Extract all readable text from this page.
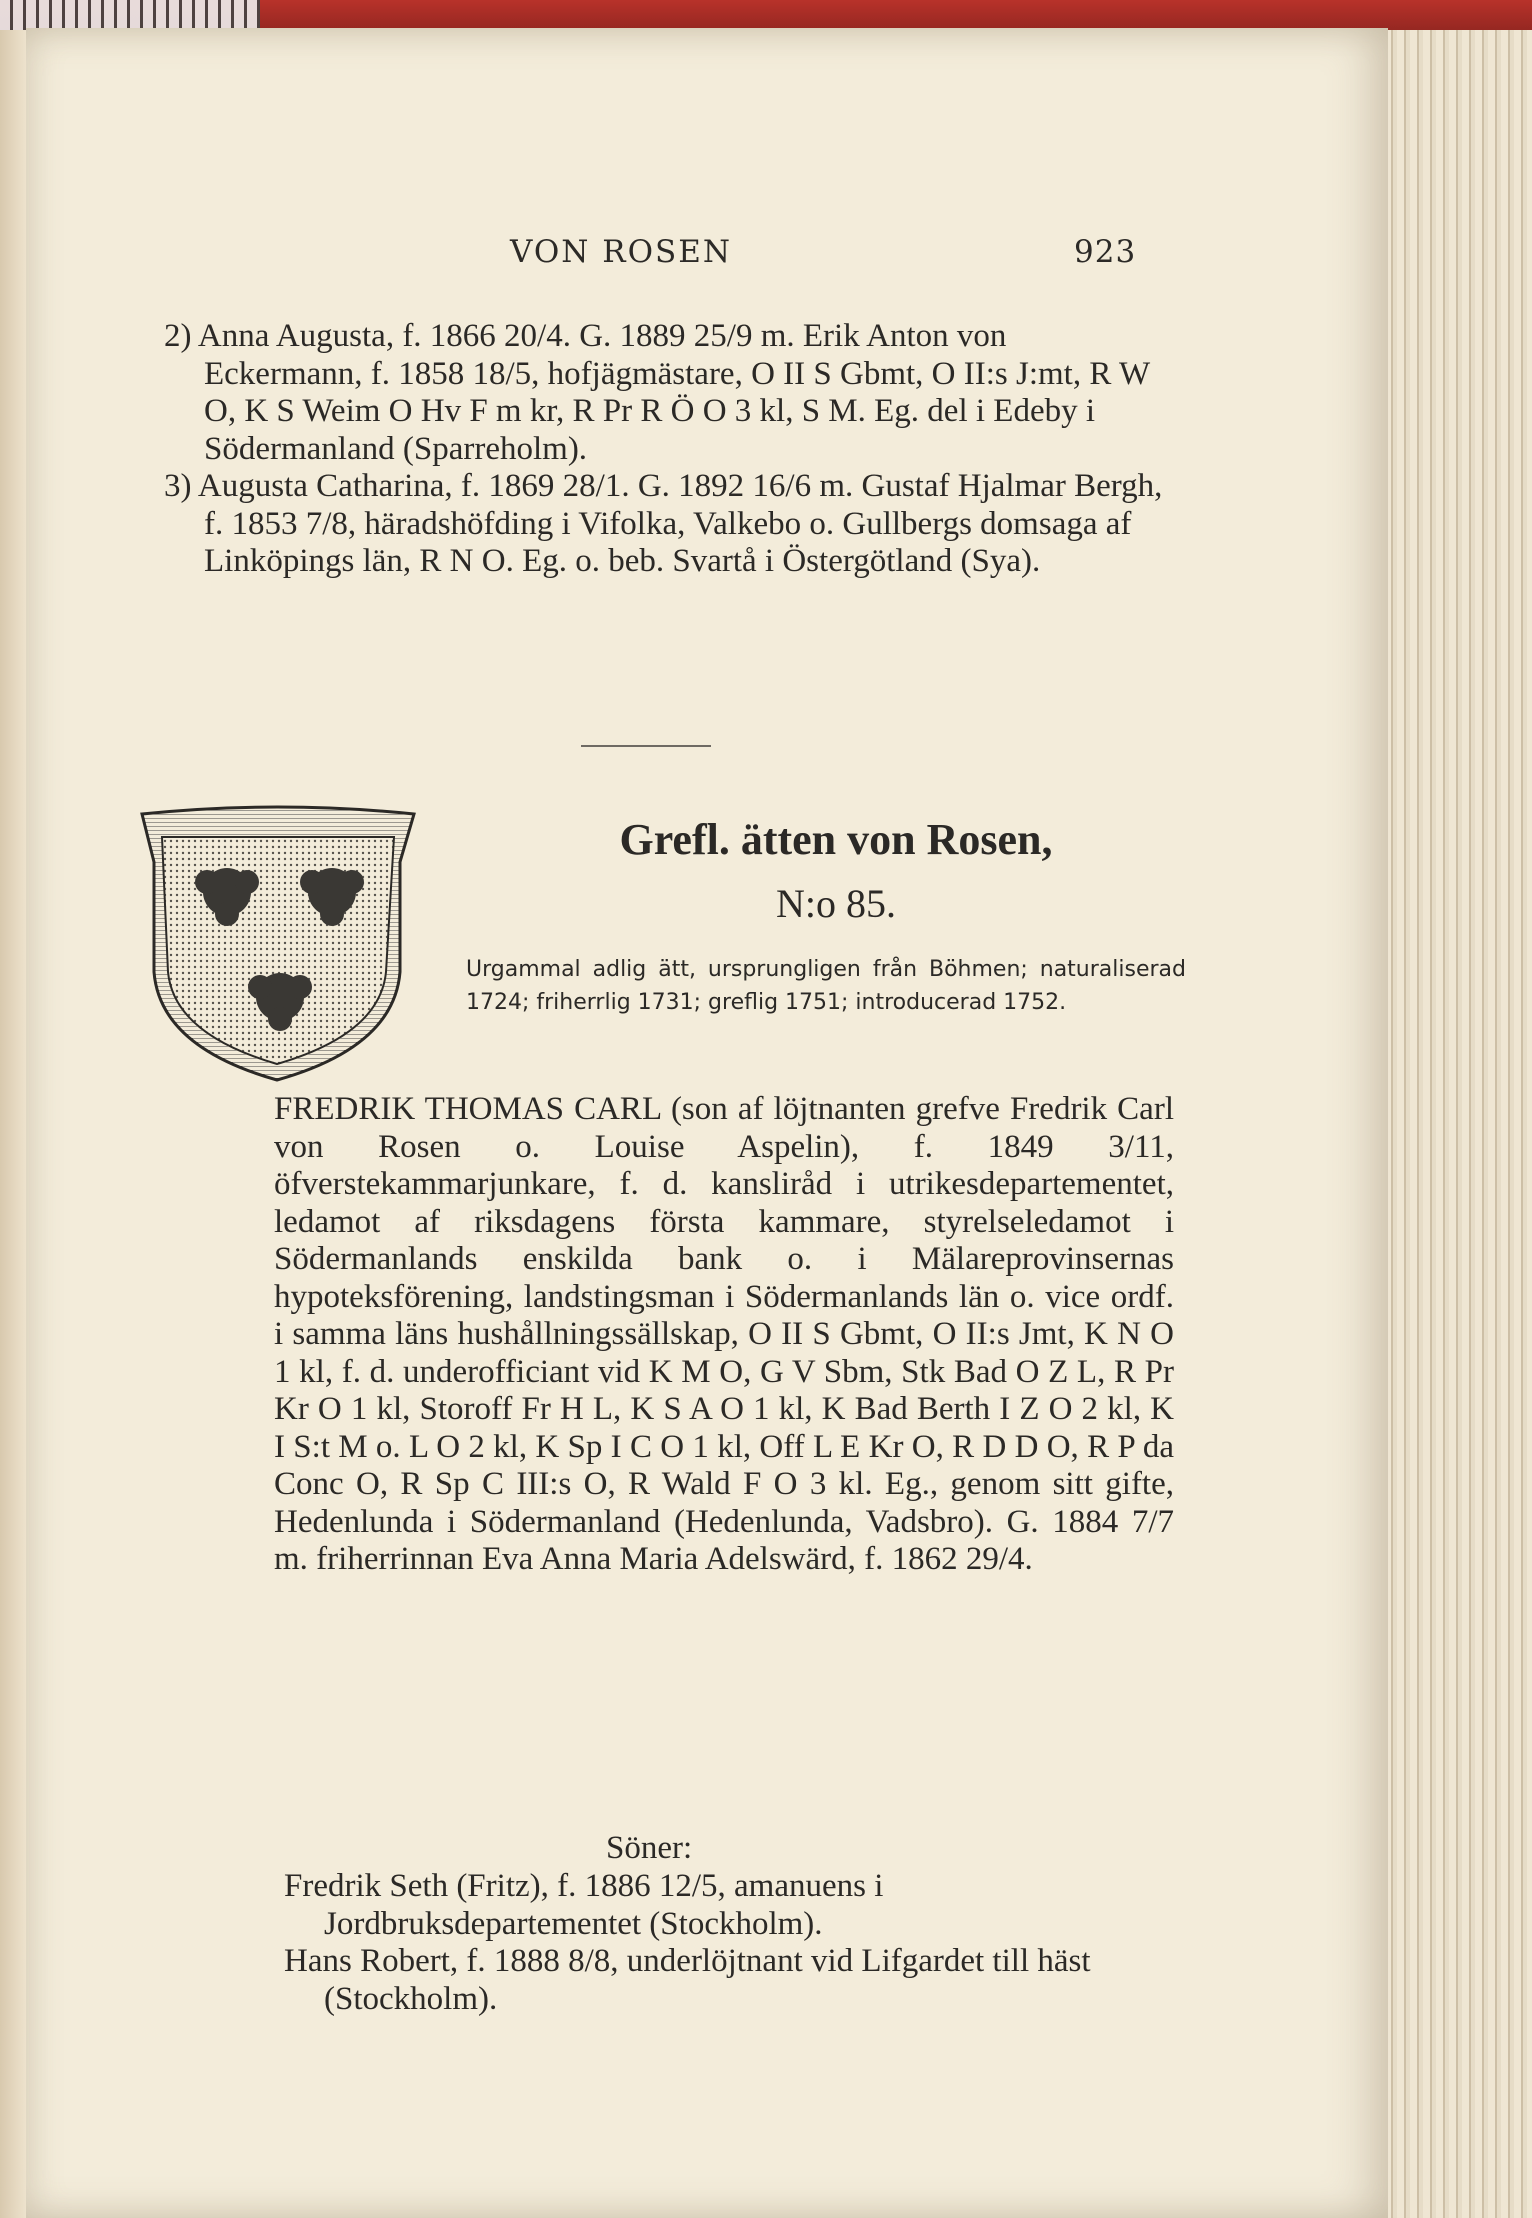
VON ROSEN	923

2) Anna Augusta, f. 1866 20/4. G. 1889 25/9 m. Erik Anton von Eckermann, f. 1858 18/5, hofjägmästare, O II S Gbmt, O II:s J:mt, R W O, K S Weim O Hv F m kr, R Pr R Ö O 3 kl, S M. Eg. del i Edeby i Södermanland (Sparreholm).

3) Augusta Catharina, f. 1869 28/1. G. 1892 16/6 m. Gustaf Hjalmar Bergh, f. 1853 7/8, häradshöfding i Vifolka, Valkebo o. Gullbergs domsaga af Linköpings län, R N O. Eg. o. beb. Svartå i Östergötland (Sya).

Grefl. ätten von Rosen,
N:o 85.
Urgammal adlig ätt, ursprungligen från Böhmen; naturaliserad 1724; friherrlig 1731; greflig 1751; introducerad 1752.

FREDRIK THOMAS CARL (son af löjtnanten grefve Fredrik Carl von Rosen o. Louise Aspelin), f. 1849 3/11, öfverstekammarjunkare, f. d. kansliråd i utrikesdepartementet, ledamot af riksdagens första kammare, styrelseledamot i Södermanlands enskilda bank o. i Mälareprovinsernas hypoteksförening, landstingsman i Södermanlands län o. vice ordf. i samma läns hushållningssällskap, O II S Gbmt, O II:s Jmt, K N O 1 kl, f. d. underofficiant vid K M O, G V Sbm, Stk Bad O Z L, R Pr Kr O 1 kl, Storoff Fr H L, K S A O 1 kl, K Bad Berth I Z O 2 kl, K I S:t M o. L O 2 kl, K Sp I C O 1 kl, Off L E Kr O, R D D O, R P da Conc O, R Sp C III:s O, R Wald F O 3 kl. Eg., genom sitt gifte, Hedenlunda i Södermanland (Hedenlunda, Vadsbro). G. 1884 7/7 m. friherrinnan Eva Anna Maria Adelswärd, f. 1862 29/4.

Söner:

Fredrik Seth (Fritz), f. 1886 12/5, amanuens i Jordbruksdepartementet (Stockholm).

Hans Robert, f. 1888 8/8, underlöjtnant vid Lifgardet till häst (Stockholm).
